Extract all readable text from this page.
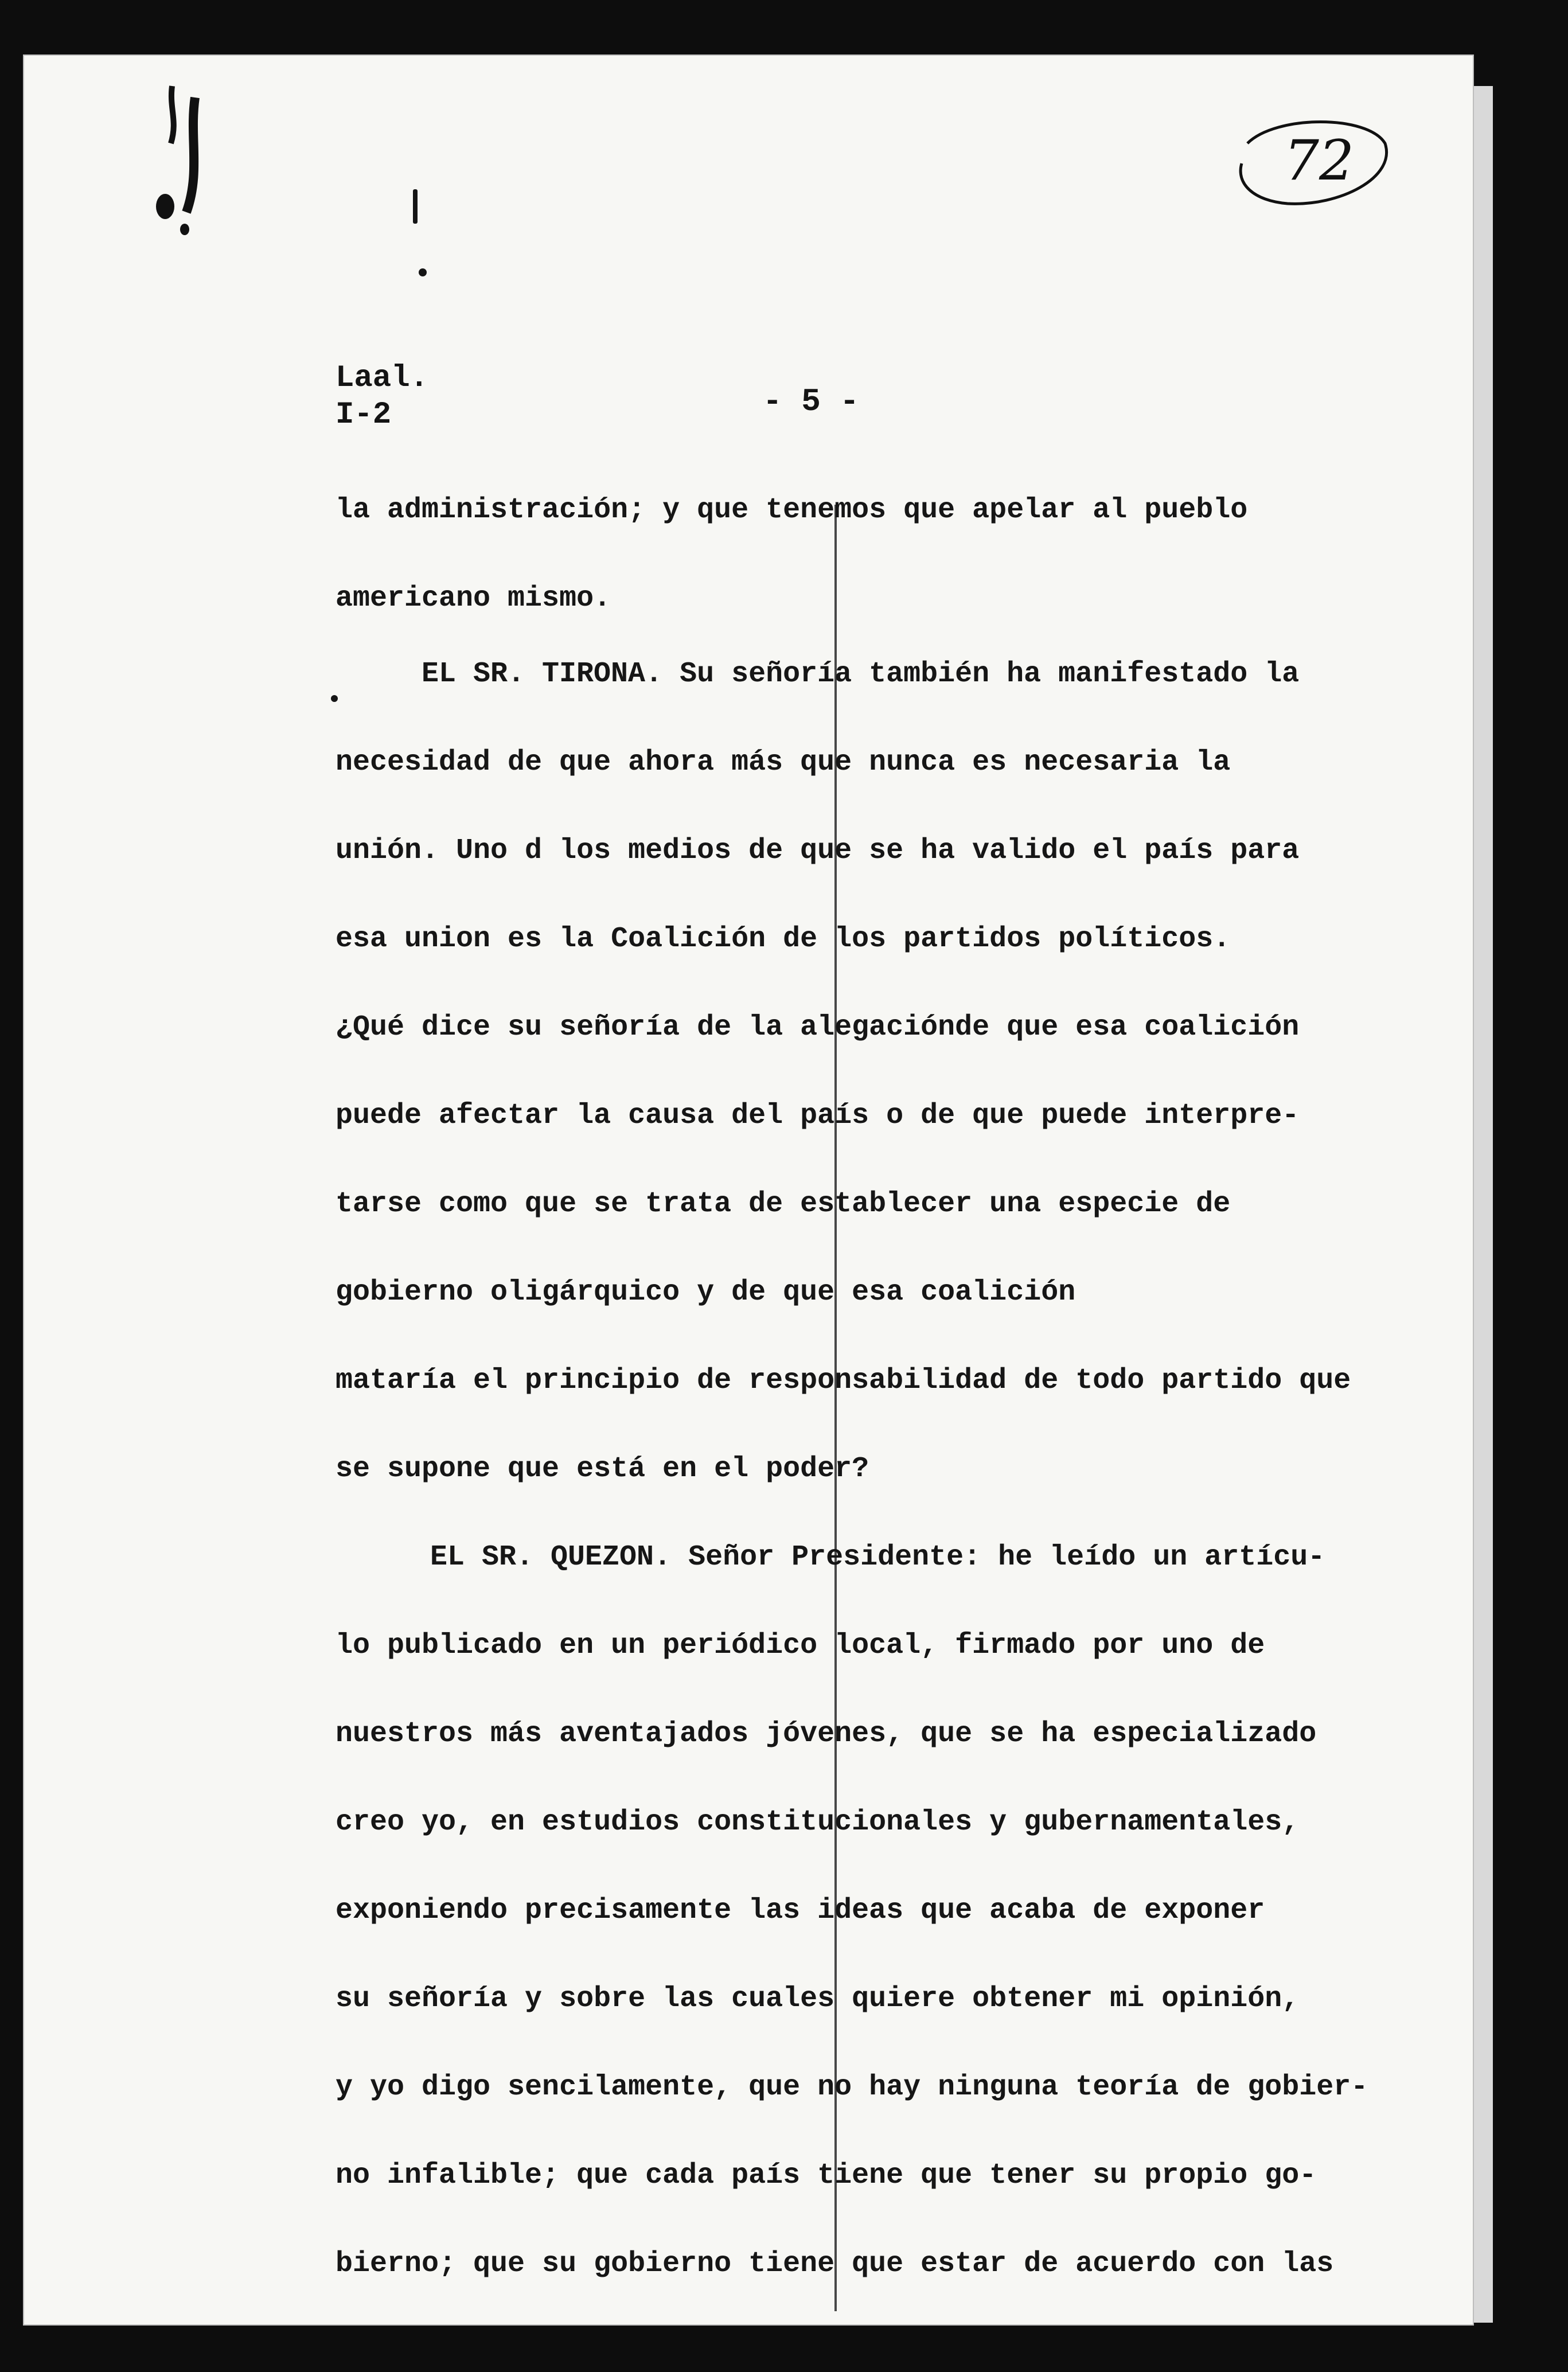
72
Laal.
I-2	- 5 -
la administración; y que tenemos que apelar al pueblo
americano mismo.
EL SR. TIRONA. Su señoría también ha manifestado la
necesidad de que ahora más que nunca es necesaria la
unión. Uno d los medios de que se ha valido el país para
esa union es la Coalición de los partidos políticos.
¿Qué dice su señoría de la alegaciónde que esa coalición
puede afectar la causa del país o de que puede interpre-
tarse como que se trata de establecer una especie de
gobierno oligárquico y de que esa coalición
mataría el principio de responsabilidad de todo partido que
se supone que está en el poder?
EL SR. QUEZON. Señor Presidente: he leído un artícu-
lo publicado en un periódico local, firmado por uno de
nuestros más aventajados jóvenes, que se ha especializado
creo yo, en estudios constitucionales y gubernamentales,
exponiendo precisamente las ideas que acaba de exponer
su señoría y sobre las cuales quiere obtener mi opinión,
y yo digo sencilamente, que no hay ninguna teoría de gobier-
no infalible; que cada país tiene que tener su propio go-
bierno; que su gobierno tiene que estar de acuerdo con las
